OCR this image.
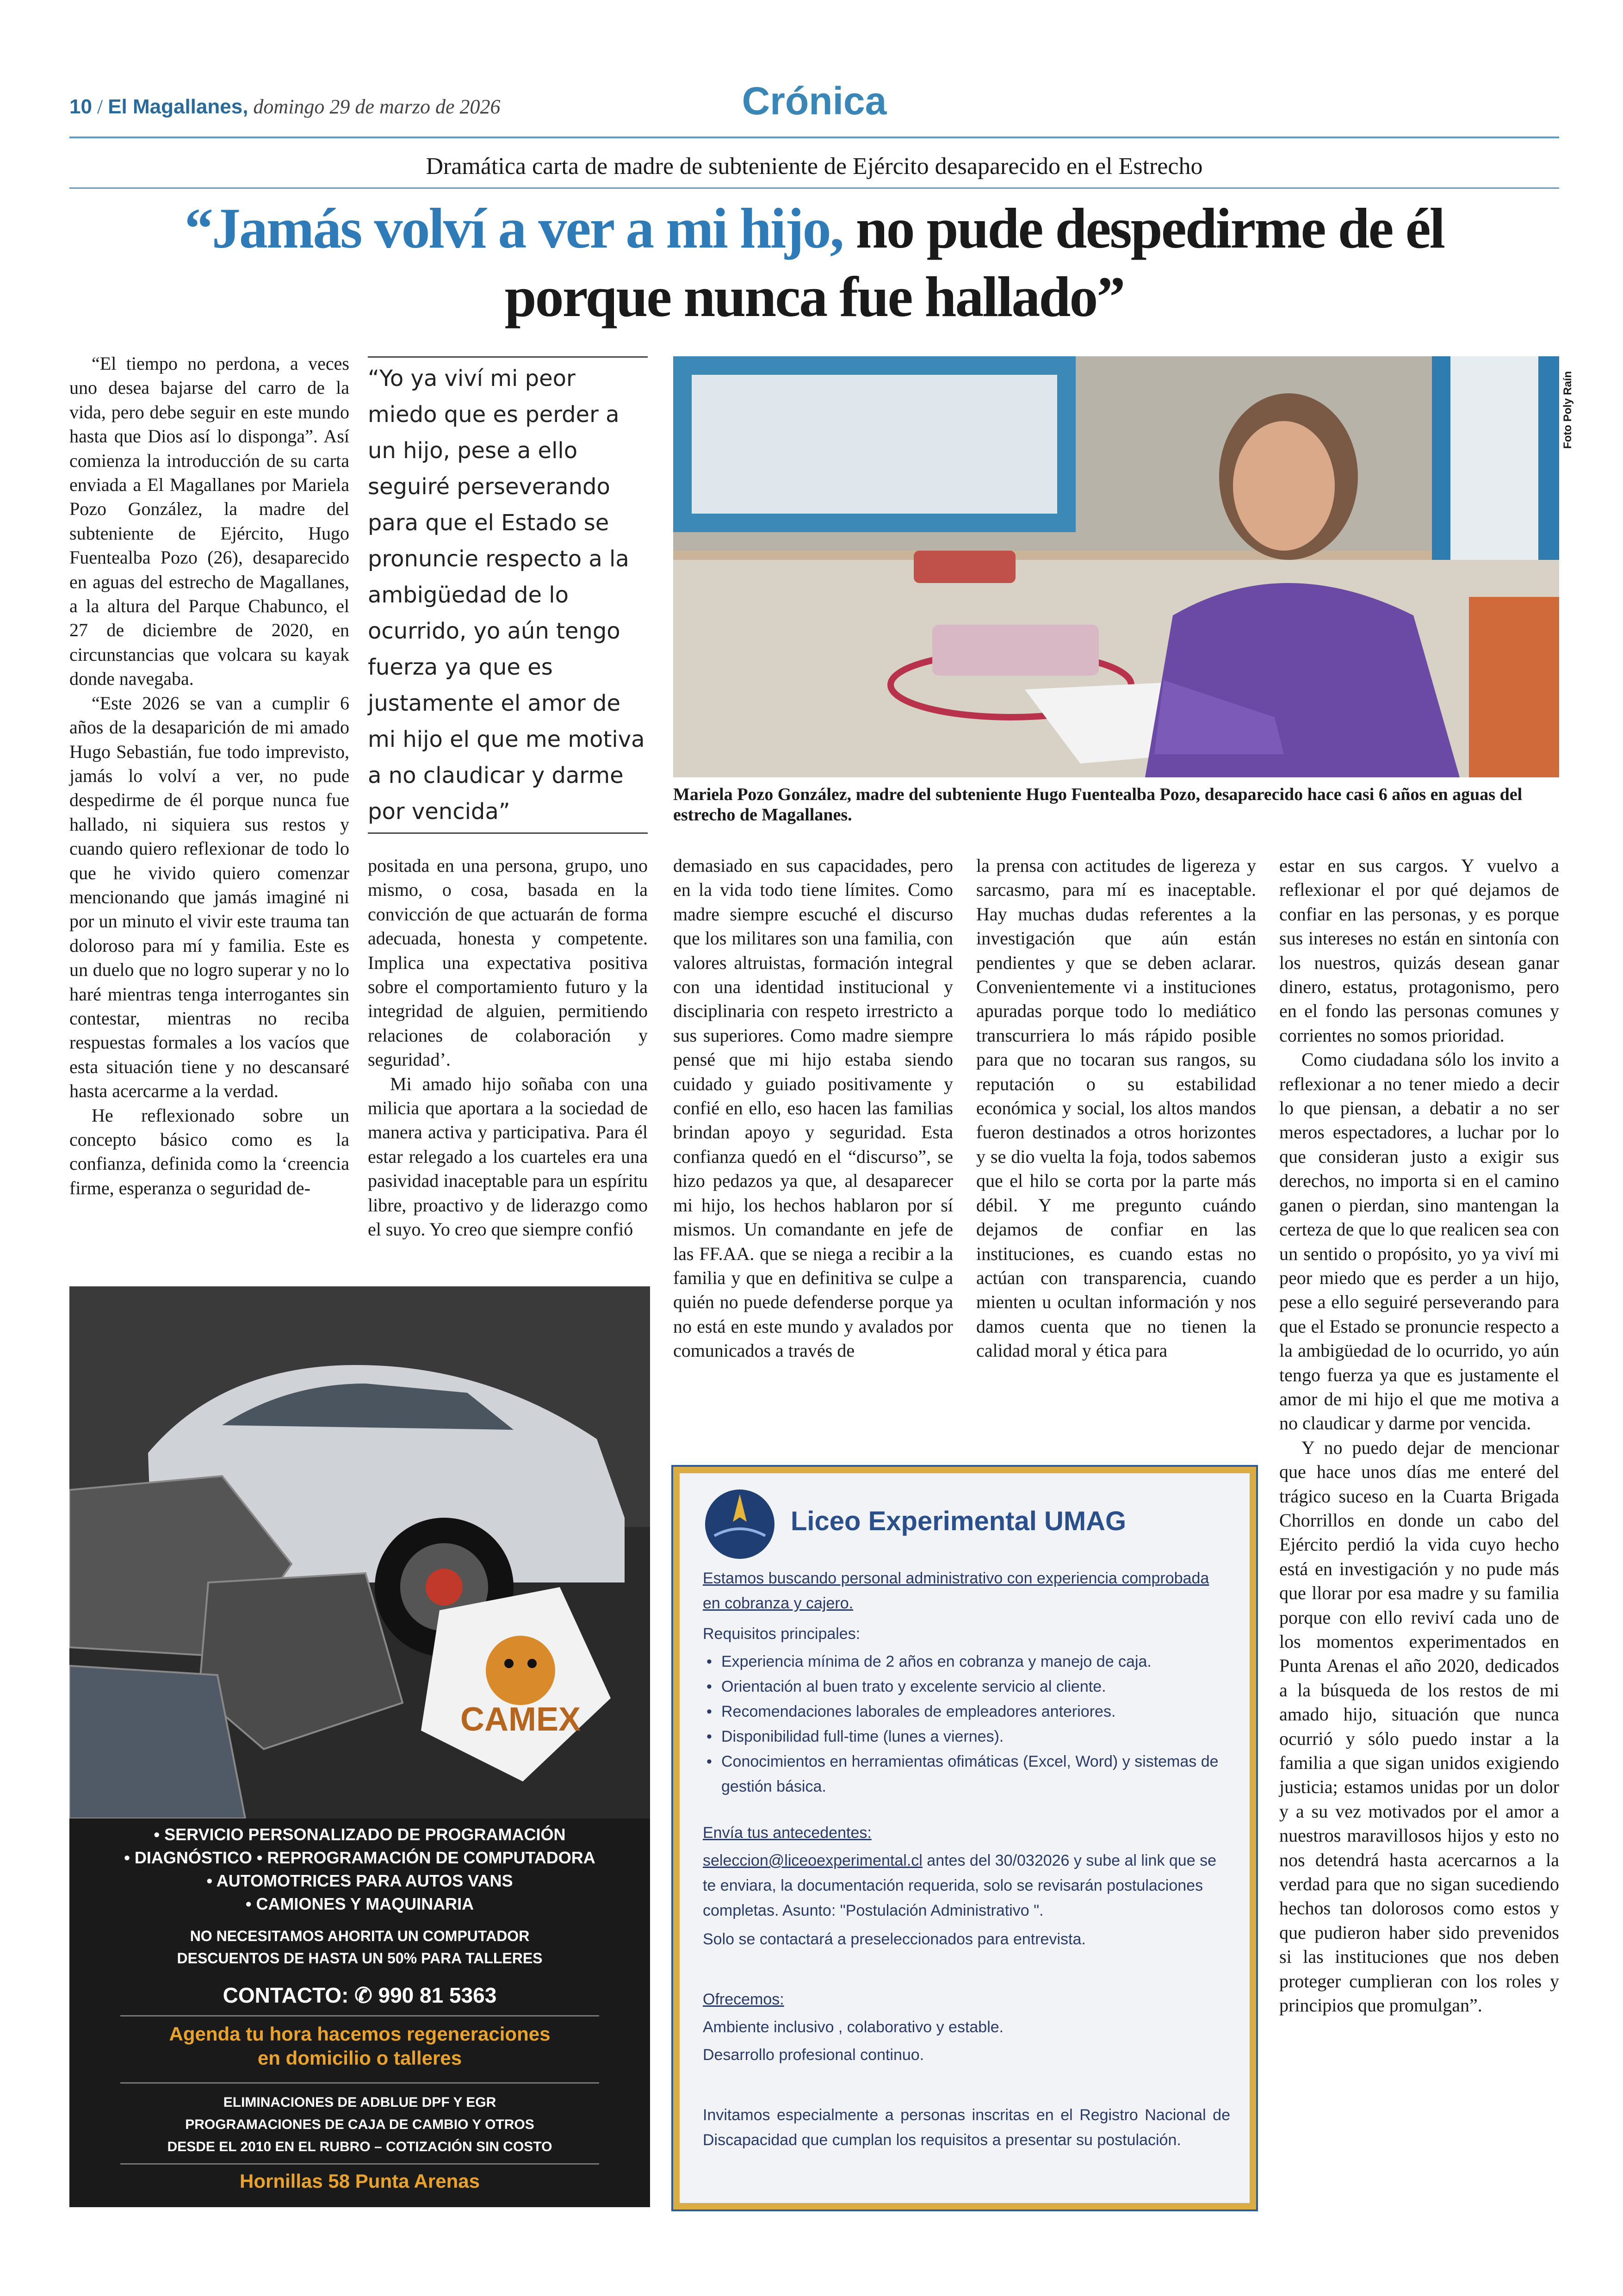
10 / El Magallanes, domingo 29 de marzo de 2026	Crónica
Dramática carta de madre de subteniente de Ejército desaparecido en el Estrecho
“Jamás volví a ver a mi hijo, no pude despedirme de él porque nunca fue hallado”

“El tiempo no perdona, a veces uno desea bajarse del carro de la vida, pero debe seguir en este mundo hasta que Dios así lo disponga”. Así comienza la introducción de su carta enviada a El Magallanes por Mariela Pozo González, la madre del subteniente de Ejército, Hugo Fuentealba Pozo (26), desaparecido en aguas del estrecho de Magallanes, a la altura del Parque Chabunco, el 27 de diciembre de 2020, en circunstancias que volcara su kayak donde navegaba.

“Este 2026 se van a cumplir 6 años de la desaparición de mi amado Hugo Sebastián, fue todo imprevisto, jamás lo volví a ver, no pude despedirme de él porque nunca fue hallado, ni siquiera sus restos y cuando quiero reflexionar de todo lo que he vivido quiero comenzar mencionando que jamás imaginé ni por un minuto el vivir este trauma tan doloroso para mí y familia. Este es un duelo que no logro superar y no lo haré mientras tenga interrogantes sin contestar, mientras no reciba respuestas formales a los vacíos que esta situación tiene y no descansaré hasta acercarme a la verdad.

He reflexionado sobre un concepto básico como es la confianza, definida como la ‘creencia firme, esperanza o seguridad de-

“Yo ya viví mi peor miedo que es perder a un hijo, pese a ello seguiré perseverando para que el Estado se pronuncie respecto a la ambigüedad de lo ocurrido, yo aún tengo fuerza ya que es justamente el amor de mi hijo el que me motiva a no claudicar y darme por vencida”
Foto Poly Raín
Mariela Pozo González, madre del subteniente Hugo Fuentealba Pozo, desaparecido hace casi 6 años en aguas del estrecho de Magallanes.

positada en una persona, grupo, uno mismo, o cosa, basada en la convicción de que actuarán de forma adecuada, honesta y competente. Implica una expectativa positiva sobre el comportamiento futuro y la integridad de alguien, permitiendo relaciones de colaboración y seguridad’.

Mi amado hijo soñaba con una milicia que aportara a la sociedad de manera activa y participativa. Para él estar relegado a los cuarteles era una pasividad inaceptable para un espíritu libre, proactivo y de liderazgo como el suyo. Yo creo que siempre confió

demasiado en sus capacidades, pero en la vida todo tiene límites. Como madre siempre escuché el discurso que los militares son una familia, con valores altruistas, formación integral con una identidad institucional y disciplinaria con respeto irrestricto a sus superiores. Como madre siempre pensé que mi hijo estaba siendo cuidado y guiado positivamente y confié en ello, eso hacen las familias brindan apoyo y seguridad. Esta confianza quedó en el “discurso”, se hizo pedazos ya que, al desaparecer mi hijo, los hechos hablaron por sí mismos. Un comandante en jefe de las FF.AA. que se niega a recibir a la familia y que en definitiva se culpe a quién no puede defenderse porque ya no está en este mundo y avalados por comunicados a través de

la prensa con actitudes de ligereza y sarcasmo, para mí es inaceptable. Hay muchas dudas referentes a la investigación que aún están pendientes y que se deben aclarar. Convenientemente vi a instituciones apuradas porque todo lo mediático transcurriera lo más rápido posible para que no tocaran sus rangos, su reputación o su estabilidad económica y social, los altos mandos fueron destinados a otros horizontes y se dio vuelta la foja, todos sabemos que el hilo se corta por la parte más débil. Y me pregunto cuándo dejamos de confiar en las instituciones, es cuando estas no actúan con transparencia, cuando mienten u ocultan información y nos damos cuenta que no tienen la calidad moral y ética para

estar en sus cargos. Y vuelvo a reflexionar el por qué dejamos de confiar en las personas, y es porque sus intereses no están en sintonía con los nuestros, quizás desean ganar dinero, estatus, protagonismo, pero en el fondo las personas comunes y corrientes no somos prioridad.

Como ciudadana sólo los invito a reflexionar a no tener miedo a decir lo que piensan, a debatir a no ser meros espectadores, a luchar por lo que consideran justo a exigir sus derechos, no importa si en el camino ganen o pierdan, sino mantengan la certeza de que lo que realicen sea con un sentido o propósito, yo ya viví mi peor miedo que es perder a un hijo, pese a ello seguiré perseverando para que el Estado se pronuncie respecto a la ambigüedad de lo ocurrido, yo aún tengo fuerza ya que es justamente el amor de mi hijo el que me motiva a no claudicar y darme por vencida.

Y no puedo dejar de mencionar que hace unos días me enteré del trágico suceso en la Cuarta Brigada Chorrillos en donde un cabo del Ejército perdió la vida cuyo hecho está en investigación y no pude más que llorar por esa madre y su familia porque con ello reviví cada uno de los momentos experimentados en Punta Arenas el año 2020, dedicados a la búsqueda de los restos de mi amado hijo, situación que nunca ocurrió y sólo puedo instar a la familia a que sigan unidos exigiendo justicia; estamos unidas por un dolor y a su vez motivados por el amor a nuestros maravillosos hijos y esto no nos detendrá hasta acercarnos a la verdad para que no sigan sucediendo hechos tan dolorosos como estos y que pudieron haber sido prevenidos si las instituciones que nos deben proteger cumplieran con los roles y principios que promulgan”.

CAMEX
• SERVICIO PERSONALIZADO DE PROGRAMACIÓN
• DIAGNÓSTICO • REPROGRAMACIÓN DE COMPUTADORA
• AUTOMOTRICES PARA AUTOS VANS
• CAMIONES Y MAQUINARIA
NO NECESITAMOS AHORITA UN COMPUTADOR
DESCUENTOS DE HASTA UN 50% PARA TALLERES
CONTACTO: ✆ 990 81 5363
Agenda tu hora hacemos regeneraciones
en domicilio o talleres
ELIMINACIONES DE ADBLUE DPF Y EGR
PROGRAMACIONES DE CAJA DE CAMBIO Y OTROS
DESDE EL 2010 EN EL RUBRO – COTIZACIÓN SIN COSTO
Hornillas 58 Punta Arenas
Liceo Experimental UMAG
Estamos buscando personal administrativo con experiencia comprobada en cobranza y cajero.
Requisitos principales:
• Experiencia mínima de 2 años en cobranza y manejo de caja.
• Orientación al buen trato y excelente servicio al cliente.
• Recomendaciones laborales de empleadores anteriores.
• Disponibilidad full-time (lunes a viernes).
• Conocimientos en herramientas ofimáticas (Excel, Word) y sistemas de gestión básica.
Envía tus antecedentes:
seleccion@liceoexperimental.cl antes del 30/032026 y sube al link que se te enviara, la documentación requerida, solo se revisarán postulaciones completas. Asunto: "Postulación Administrativo ".
Solo se contactará a preseleccionados para entrevista.
Ofrecemos:
Ambiente inclusivo , colaborativo y estable.
Desarrollo profesional continuo.
Invitamos especialmente a personas inscritas en el Registro Nacional de Discapacidad que cumplan los requisitos a presentar su postulación.
